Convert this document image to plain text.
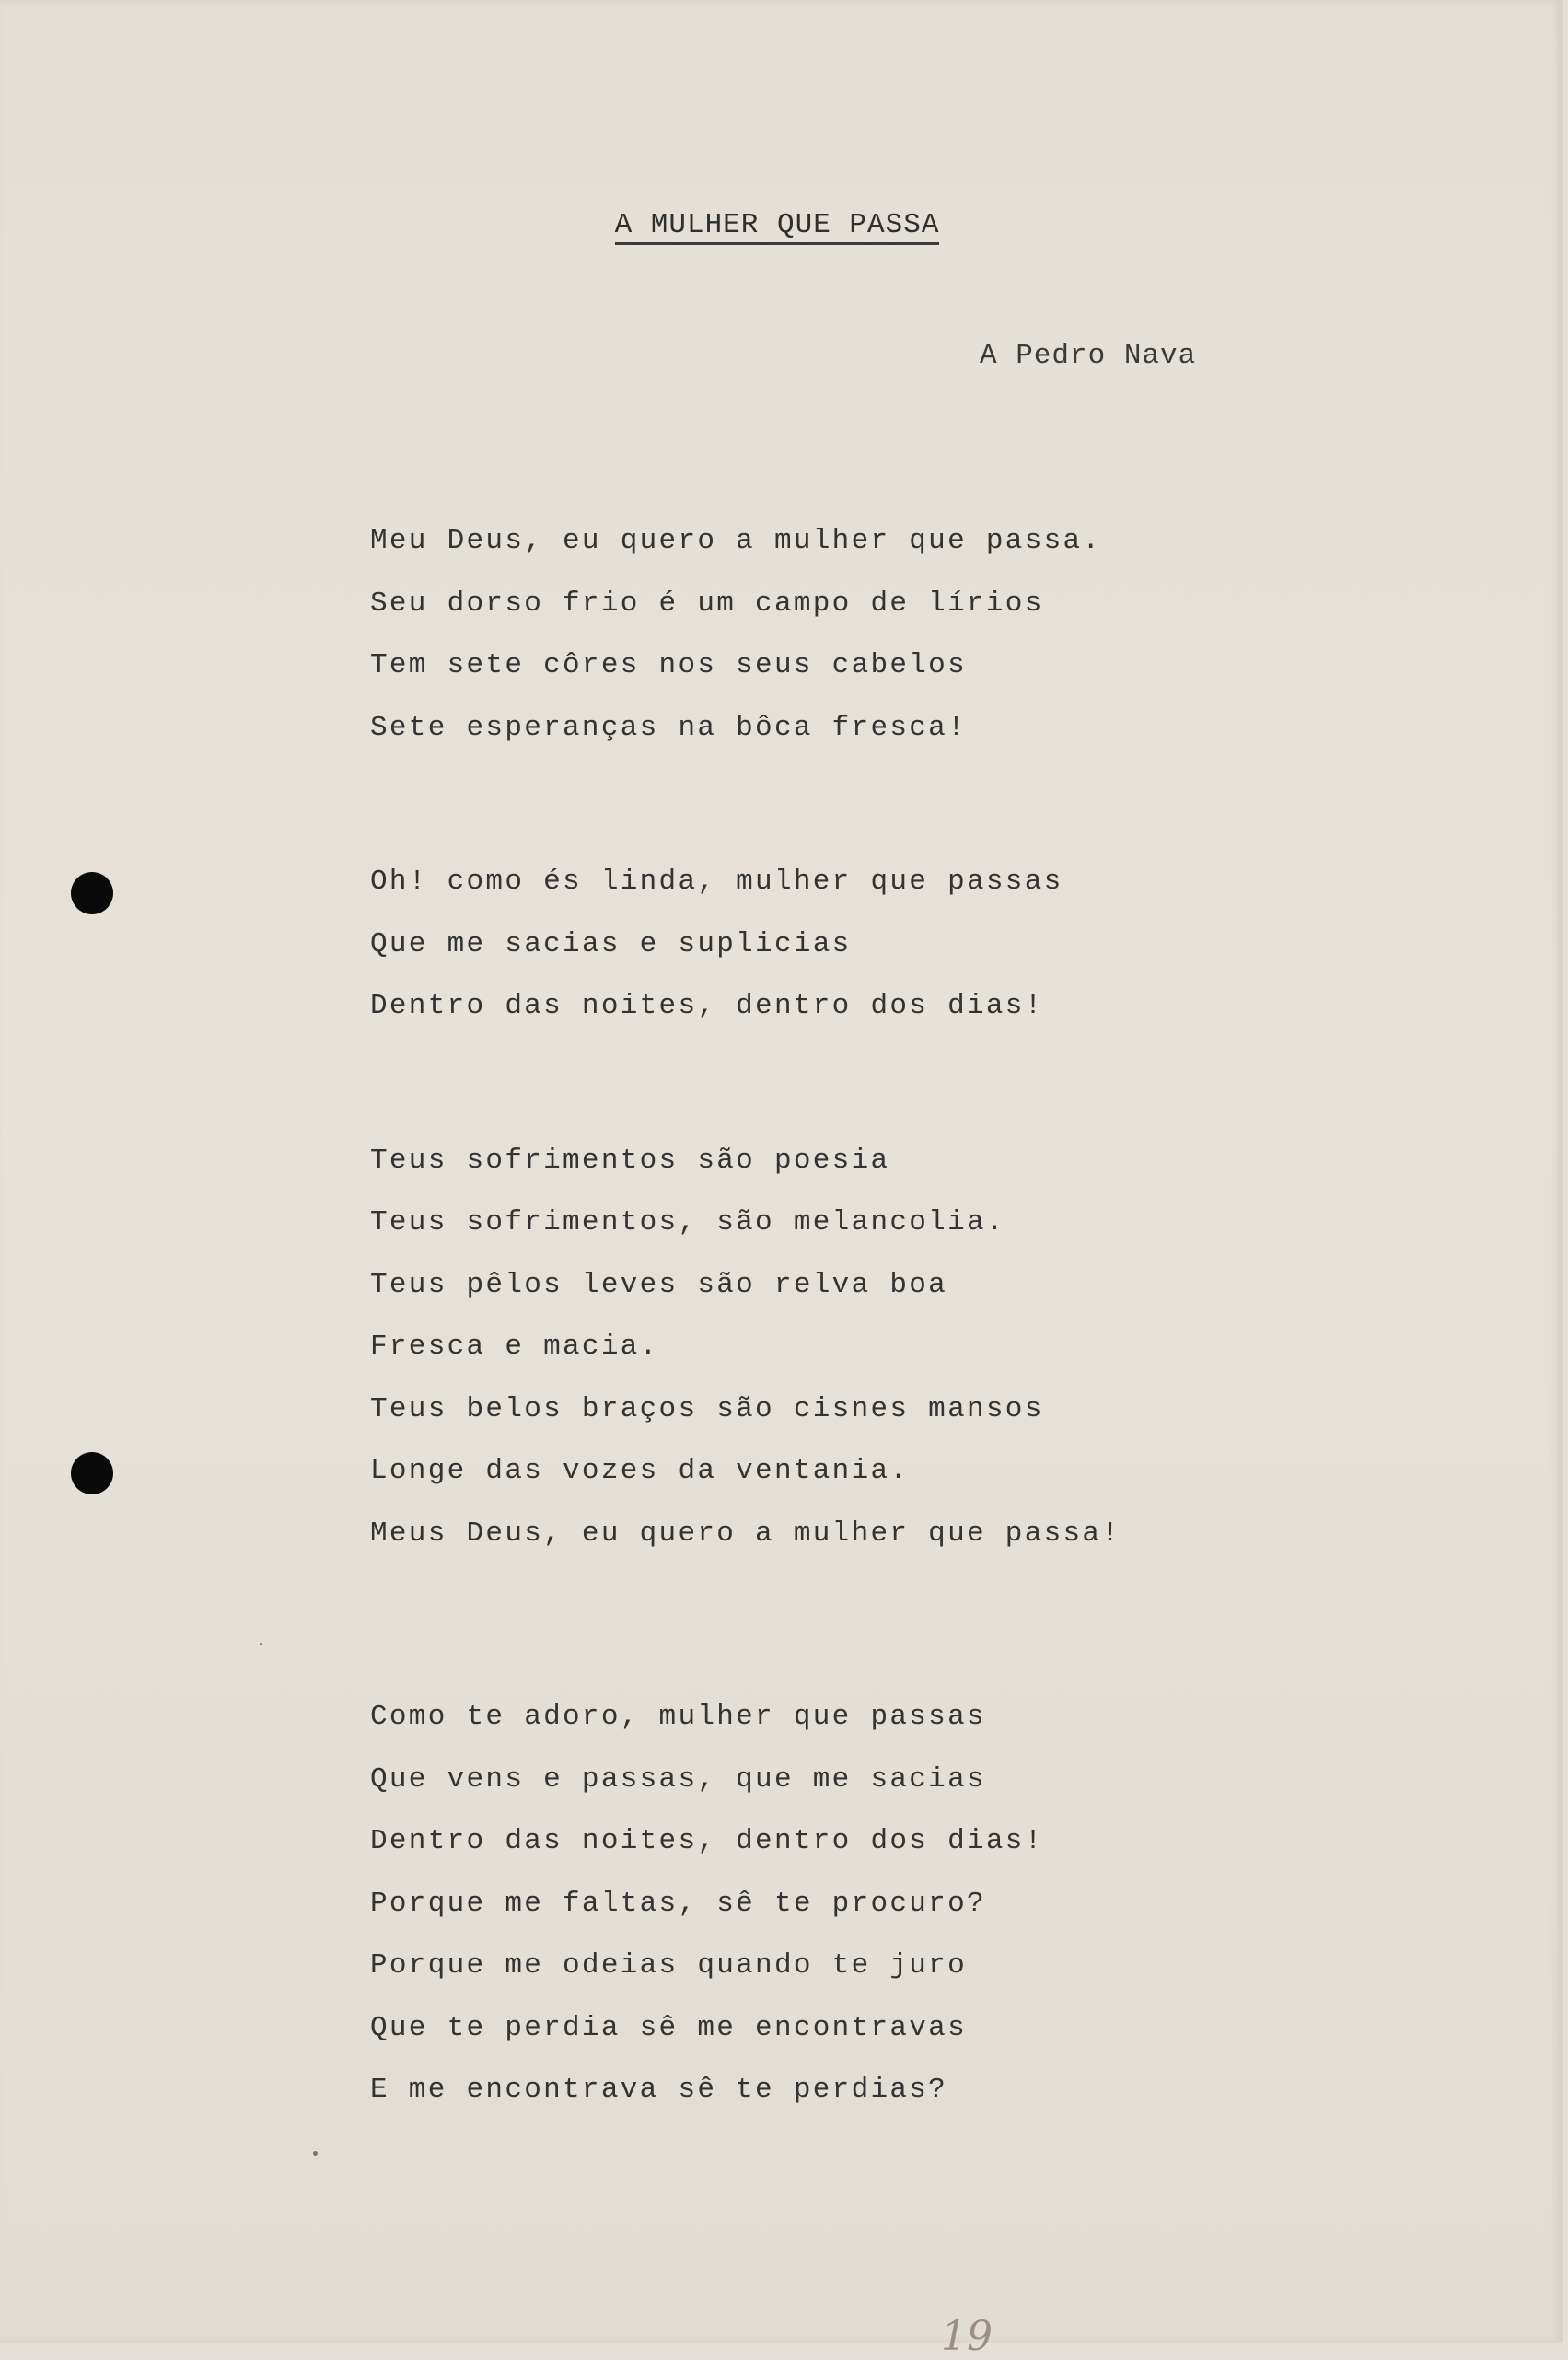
A MULHER QUE PASSA
A Pedro Nava
Meu Deus, eu quero a mulher que passa.
Seu dorso frio é um campo de lírios
Tem sete côres nos seus cabelos
Sete esperanças na bôca fresca!
Oh! como és linda, mulher que passas
Que me sacias e suplicias
Dentro das noites, dentro dos dias!
Teus sofrimentos são poesia
Teus sofrimentos, são melancolia.
Teus pêlos leves são relva boa
Fresca e macia.
Teus belos braços são cisnes mansos
Longe das vozes da ventania.
Meus Deus, eu quero a mulher que passa!
Como te adoro, mulher que passas
Que vens e passas, que me sacias
Dentro das noites, dentro dos dias!
Porque me faltas, sê te procuro?
Porque me odeias quando te juro
Que te perdia sê me encontravas
E me encontrava sê te perdias?
19
